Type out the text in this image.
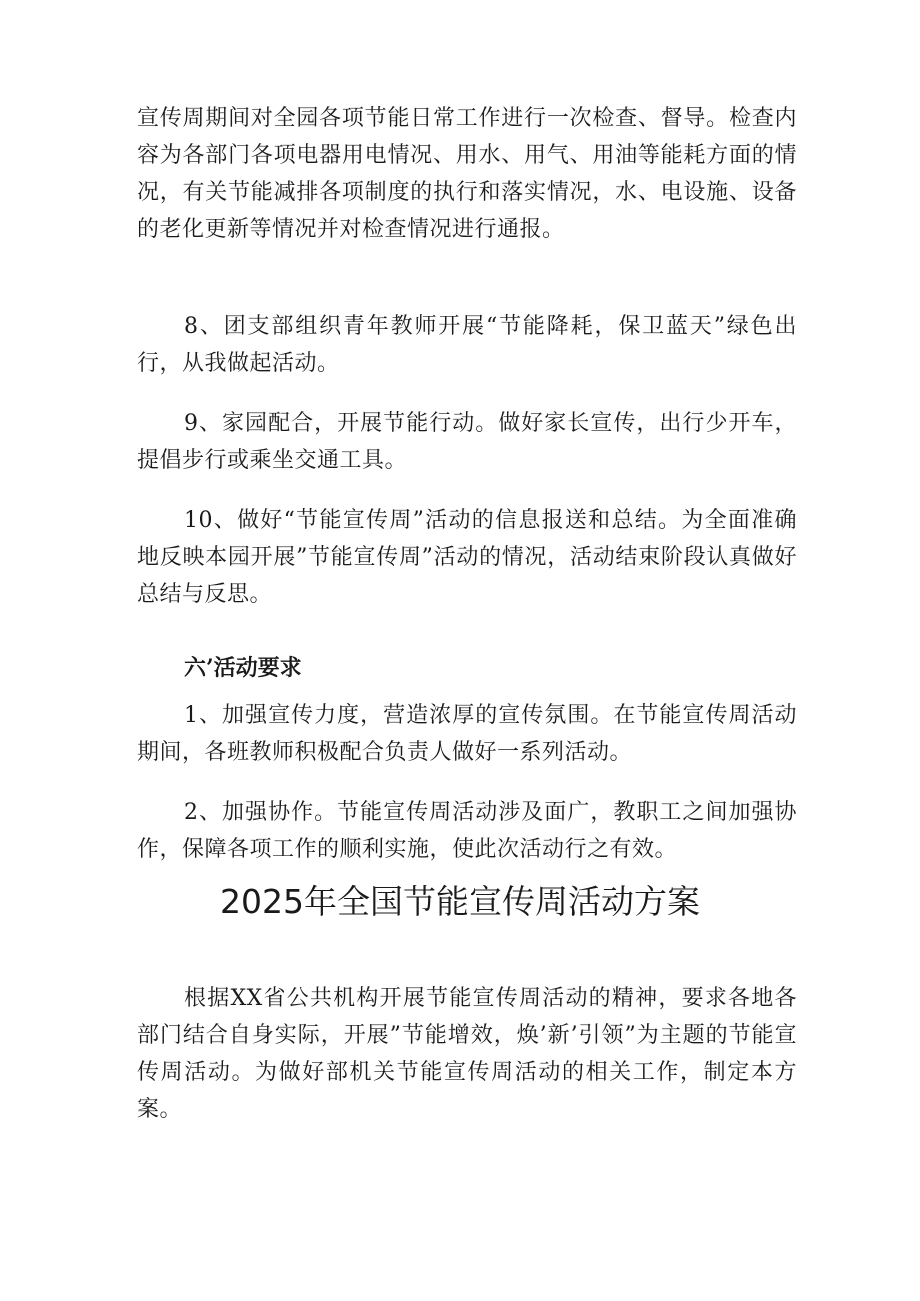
宣传周期间对全园各项节能日常工作进行一次检查、督导。检查内容为各部门各项电器用电情况、用水、用气、用油等能耗方面的情况，有关节能减排各项制度的执行和落实情况，水、电设施、设备的老化更新等情况并对检查情况进行通报。

8、团支部组织青年教师开展“节能降耗，保卫蓝天”绿色出行，从我做起活动。

9、家园配合，开展节能行动。做好家长宣传，出行少开车，提倡步行或乘坐交通工具。

10、做好“节能宣传周”活动的信息报送和总结。为全面准确地反映本园开展”节能宣传周”活动的情况，活动结束阶段认真做好总结与反思。

六’活动要求

1、加强宣传力度，营造浓厚的宣传氛围。在节能宣传周活动期间，各班教师积极配合负责人做好一系列活动。

2、加强协作。节能宣传周活动涉及面广，教职工之间加强协作，保障各项工作的顺利实施，使此次活动行之有效。

2025年全国节能宣传周活动方案

根据XX省公共机构开展节能宣传周活动的精神，要求各地各部门结合自身实际，开展”节能增效，焕’新’引领”为主题的节能宣传周活动。为做好部机关节能宣传周活动的相关工作，制定本方案。
